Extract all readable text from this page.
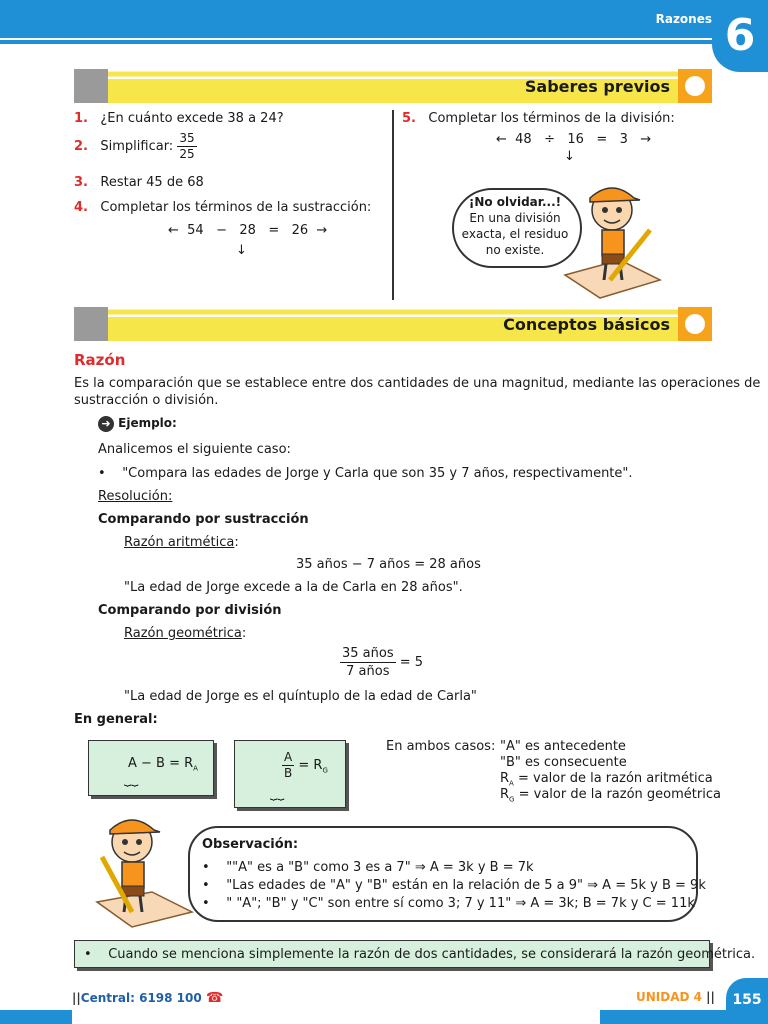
Razones 6
Saberes previos
1. ¿En cuánto excede 38 a 24?
2. Simplificar: $\frac{35}{25}$
3. Restar 45 de 68
4. Completar los términos de la sustracción:
←  54   −   28   =   26  →
↓
5. Completar los términos de la división:
←  48   ÷   16   =   3   →
↓
¡No olvidar...!
En una división
exacta, el residuo
no existe.
Conceptos básicos
Razón
Es la comparación que se establece entre dos cantidades de una magnitud, mediante las operaciones de
sustracción o división.
➜ Ejemplo:
Analicemos el siguiente caso:
•    "Compara las edades de Jorge y Carla que son 35 y 7 años, respectivamente".
Resolución:
Comparando por sustracción
Razón aritmética:
35 años − 7 años = 28 años
"La edad de Jorge excede a la de Carla en 28 años".
Comparando por división
Razón geométrica:
$\frac{\text{35 años}}{\text{7 años}} = 5$
"La edad de Jorge es el quíntuplo de la edad de Carla"
En general:
$A - B = R_A$
⏟⏟	$\frac{A}{B} = R_G$
⏟⏟
En ambos casos: "A" es antecedente
"B" es consecuente
$R_A$ = valor de la razón aritmética
$R_G$ = valor de la razón geométrica
Observación:
•    ""A" es a "B" como 3 es a 7" ⇒ A = 3k y B = 7k
•    "Las edades de "A" y "B" están en la relación de 5 a 9" ⇒ A = 5k y B = 9k
•    " "A"; "B" y "C" son entre sí como 3; 7 y 11" ⇒ A = 3k; B = 7k y C = 11k
•    Cuando se menciona simplemente la razón de dos cantidades, se considerará la razón geométrica.
||Central: 6198 100 ☎	UNIDAD 4 ||	155
